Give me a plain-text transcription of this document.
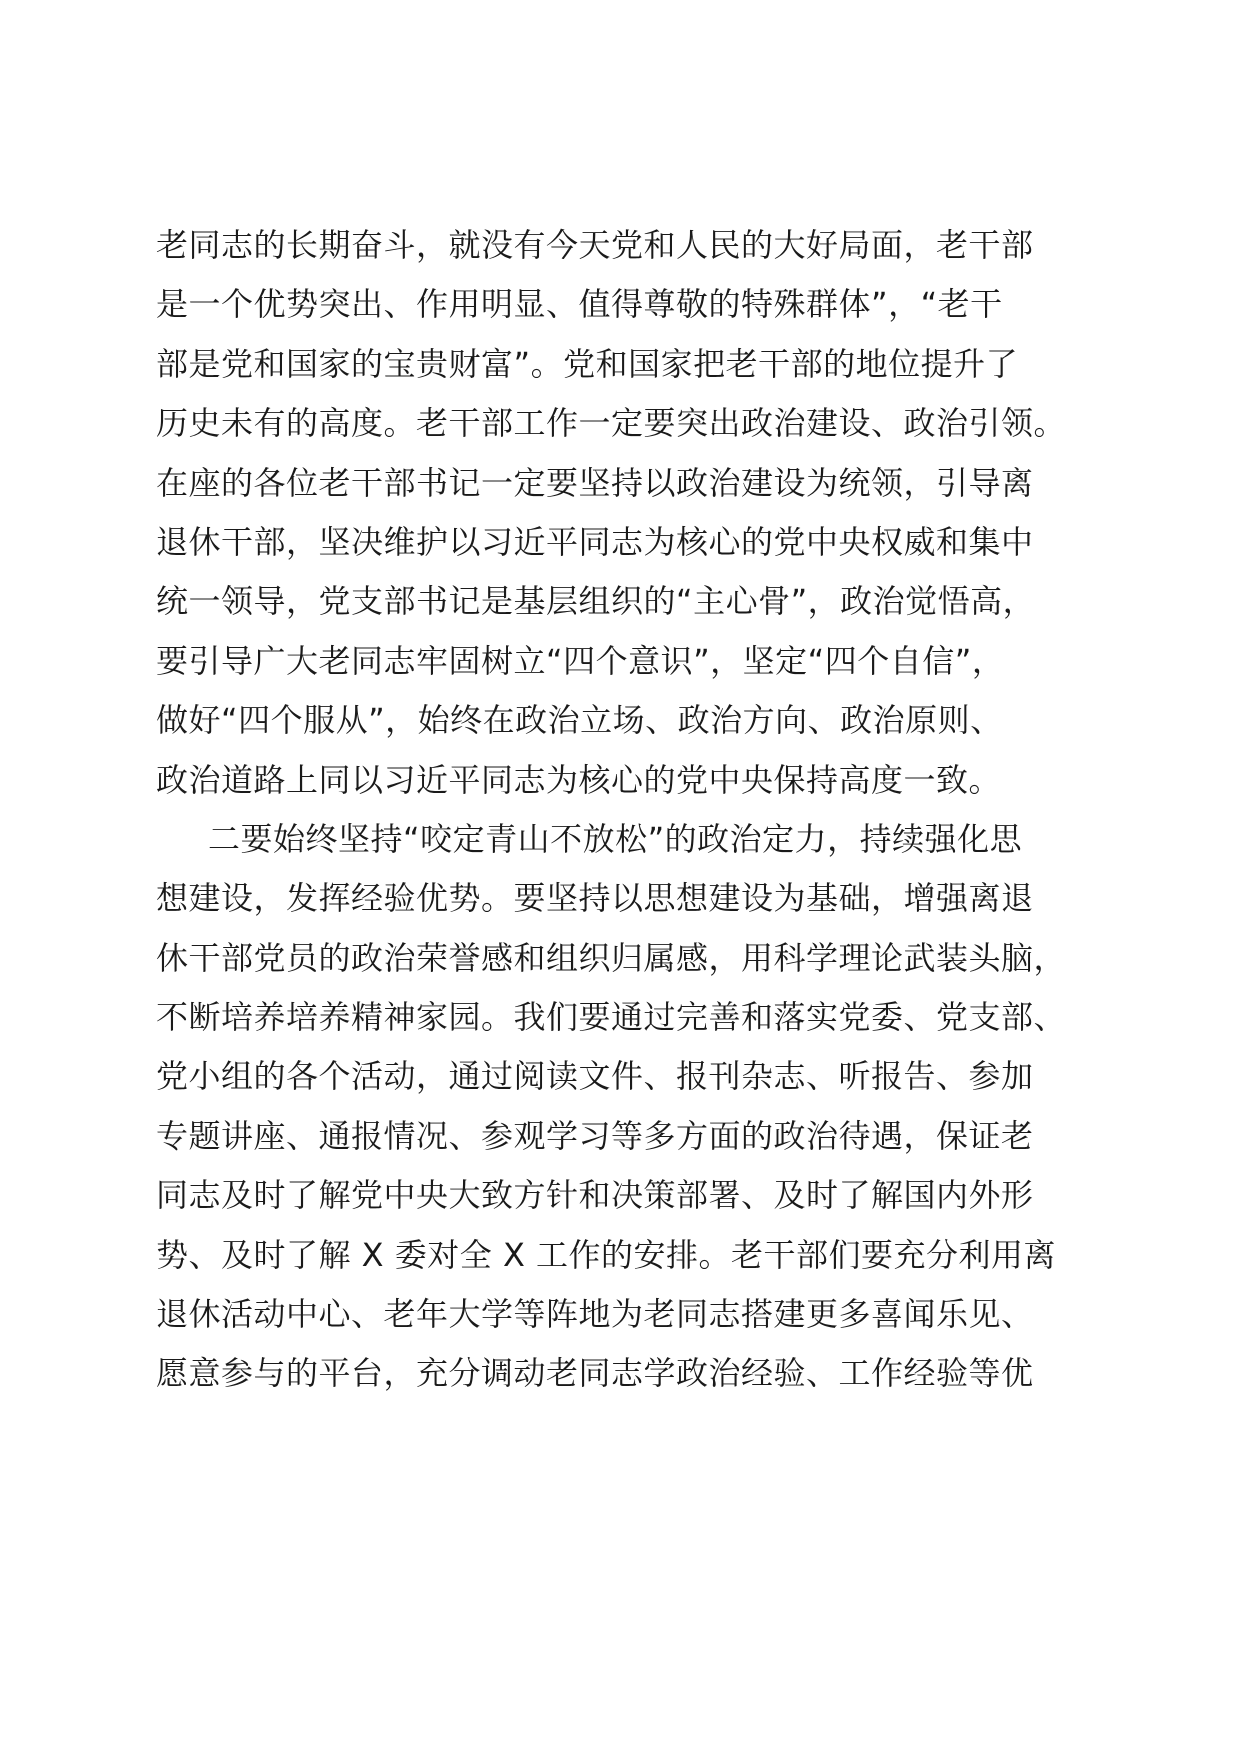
老同志的长期奋斗，就没有今天党和人民的大好局面，老干部

是一个优势突出、作用明显、值得尊敬的特殊群体”，“老干

部是党和国家的宝贵财富”。党和国家把老干部的地位提升了

历史未有的高度。老干部工作一定要突出政治建设、政治引领。

在座的各位老干部书记一定要坚持以政治建设为统领，引导离

退休干部，坚决维护以习近平同志为核心的党中央权威和集中

统一领导，党支部书记是基层组织的“主心骨”，政治觉悟高，

要引导广大老同志牢固树立“四个意识”，坚定“四个自信”，

做好“四个服从”，始终在政治立场、政治方向、政治原则、

政治道路上同以习近平同志为核心的党中央保持高度一致。

二要始终坚持“咬定青山不放松”的政治定力，持续强化思

想建设，发挥经验优势。要坚持以思想建设为基础，增强离退

休干部党员的政治荣誉感和组织归属感，用科学理论武装头脑，

不断培养培养精神家园。我们要通过完善和落实党委、党支部、

党小组的各个活动，通过阅读文件、报刊杂志、听报告、参加

专题讲座、通报情况、参观学习等多方面的政治待遇，保证老

同志及时了解党中央大致方针和决策部署、及时了解国内外形

势、及时了解 X 委对全 X 工作的安排。老干部们要充分利用离

退休活动中心、老年大学等阵地为老同志搭建更多喜闻乐见、

愿意参与的平台，充分调动老同志学政治经验、工作经验等优
